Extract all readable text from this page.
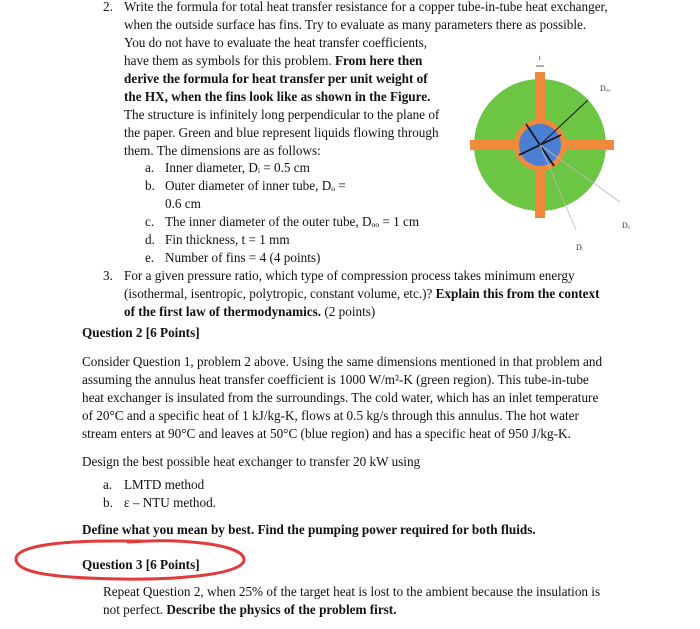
2. Write the formula for total heat transfer resistance for a copper tube-in-tube heat exchanger,
when the outside surface has fins. Try to evaluate as many parameters there as possible.
You do not have to evaluate the heat transfer coefficients,
have them as symbols for this problem. From here then
derive the formula for heat transfer per unit weight of
the HX, when the fins look like as shown in the Figure.
The structure is infinitely long perpendicular to the plane of
the paper. Green and blue represent liquids flowing through
them. The dimensions are as follows:
a. Inner diameter, Dᵢ = 0.5 cm
b. Outer diameter of inner tube, Dₒ =
0.6 cm
c. The inner diameter of the outer tube, Dₒₒ = 1 cm
d. Fin thickness, t = 1 mm
e. Number of fins = 4 (4 points)
t
Dₒₒ
Dₒ
Dᵢ
3. For a given pressure ratio, which type of compression process takes minimum energy
(isothermal, isentropic, polytropic, constant volume, etc.)? Explain this from the context
of the first law of thermodynamics. (2 points)
Question 2 [6 Points]
Consider Question 1, problem 2 above. Using the same dimensions mentioned in that problem and
assuming the annulus heat transfer coefficient is 1000 W/m²-K (green region). This tube-in-tube
heat exchanger is insulated from the surroundings. The cold water, which has an inlet temperature
of 20°C and a specific heat of 1 kJ/kg-K, flows at 0.5 kg/s through this annulus. The hot water
stream enters at 90°C and leaves at 50°C (blue region) and has a specific heat of 950 J/kg-K.
Design the best possible heat exchanger to transfer 20 kW using
a. LMTD method
b. ε – NTU method.
Define what you mean by best. Find the pumping power required for both fluids.
Question 3 [6 Points]
Repeat Question 2, when 25% of the target heat is lost to the ambient because the insulation is
not perfect. Describe the physics of the problem first.
